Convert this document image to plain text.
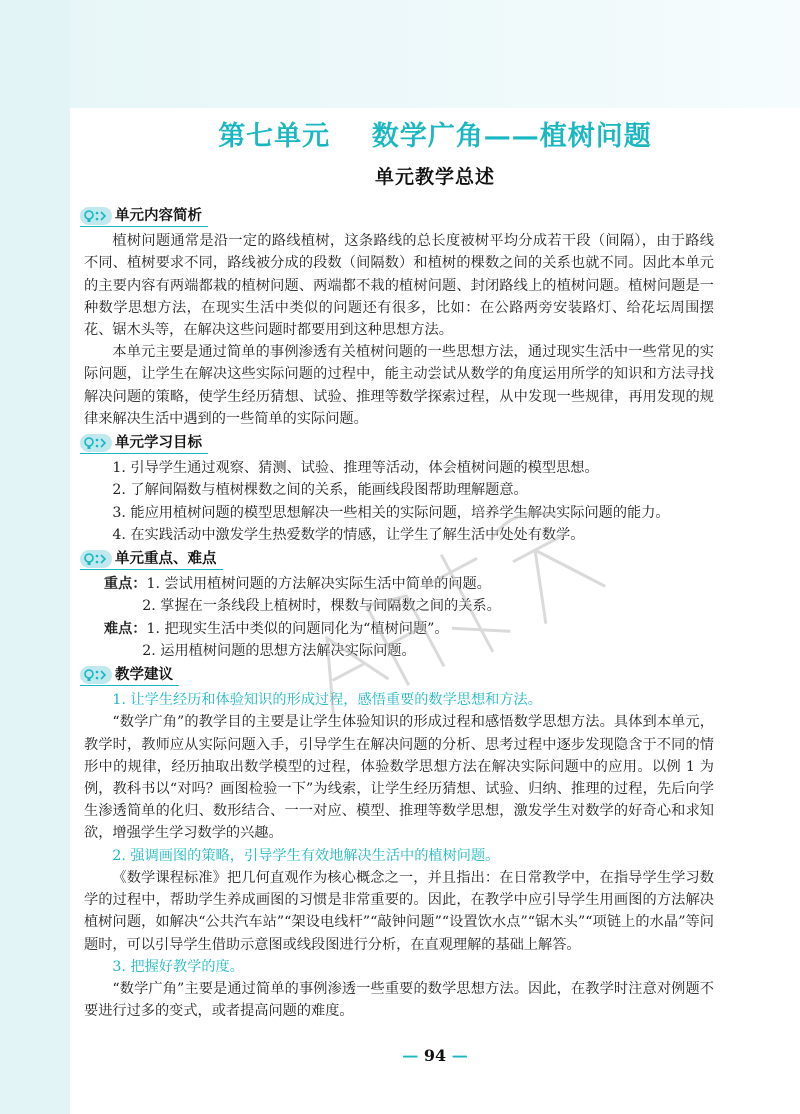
第七单元    数学广角——植树问题
单元教学总述
单元内容简析

植树问题通常是沿一定的路线植树，这条路线的总长度被树平均分成若干段（间隔），由于路线不同、植树要求不同，路线被分成的段数（间隔数）和植树的棵数之间的关系也就不同。因此本单元的主要内容有两端都栽的植树问题、两端都不栽的植树问题、封闭路线上的植树问题。植树问题是一种数学思想方法，在现实生活中类似的问题还有很多，比如：在公路两旁安装路灯、给花坛周围摆花、锯木头等，在解决这些问题时都要用到这种思想方法。

本单元主要是通过简单的事例渗透有关植树问题的一些思想方法，通过现实生活中一些常见的实际问题，让学生在解决这些实际问题的过程中，能主动尝试从数学的角度运用所学的知识和方法寻找解决问题的策略，使学生经历猜想、试验、推理等数学探索过程，从中发现一些规律，再用发现的规律来解决生活中遇到的一些简单的实际问题。

单元学习目标
1. 引导学生通过观察、猜测、试验、推理等活动，体会植树问题的模型思想。
2. 了解间隔数与植树棵数之间的关系，能画线段图帮助理解题意。
3. 能应用植树问题的模型思想解决一些相关的实际问题，培养学生解决实际问题的能力。
4. 在实践活动中激发学生热爱数学的情感，让学生了解生活中处处有数学。
单元重点、难点
重点：1. 尝试用植树问题的方法解决实际生活中简单的问题。
2. 掌握在一条线段上植树时，棵数与间隔数之间的关系。
难点：1. 把现实生活中类似的问题同化为“植树问题”。
2. 运用植树问题的思想方法解决实际问题。
教学建议
1. 让学生经历和体验知识的形成过程，感悟重要的数学思想和方法。

“数学广角”的教学目的主要是让学生体验知识的形成过程和感悟数学思想方法。具体到本单元，教学时，教师应从实际问题入手，引导学生在解决问题的分析、思考过程中逐步发现隐含于不同的情形中的规律，经历抽取出数学模型的过程，体验数学思想方法在解决实际问题中的应用。以例 1 为例，教科书以“对吗？画图检验一下”为线索，让学生经历猜想、试验、归纳、推理的过程，先后向学生渗透简单的化归、数形结合、一一对应、模型、推理等数学思想，激发学生对数学的好奇心和求知欲，增强学生学习数学的兴趣。

2. 强调画图的策略，引导学生有效地解决生活中的植树问题。

《数学课程标准》把几何直观作为核心概念之一，并且指出：在日常教学中，在指导学生学习数学的过程中，帮助学生养成画图的习惯是非常重要的。因此，在教学中应引导学生用画图的方法解决植树问题，如解决“公共汽车站”“架设电线杆”“敲钟问题”“设置饮水点”“锯木头”“项链上的水晶”等问题时，可以引导学生借助示意图或线段图进行分析，在直观理解的基础上解答。

3. 把握好教学的度。

“数学广角”主要是通过简单的事例渗透一些重要的数学思想方法。因此，在教学时注意对例题不要进行过多的变式，或者提高问题的难度。

— 94 —
